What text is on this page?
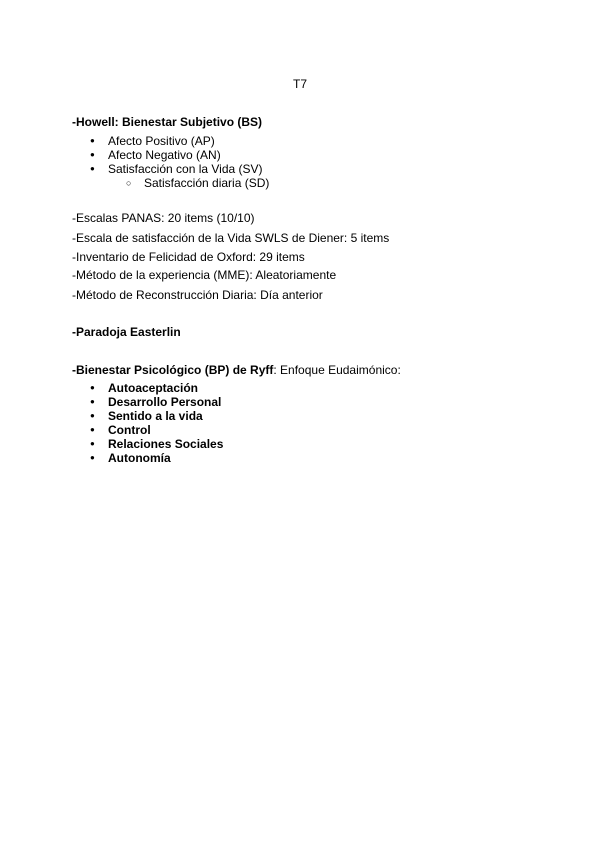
T7
-Howell: Bienestar Subjetivo (BS)
● Afecto Positivo (AP)
● Afecto Negativo (AN)
● Satisfacción con la Vida (SV)
○ Satisfacción diaria (SD)
-Escalas PANAS: 20 items (10/10)
-Escala de satisfacción de la Vida SWLS de Diener: 5 items
-Inventario de Felicidad de Oxford: 29 items
-Método de la experiencia (MME): Aleatoriamente
-Método de Reconstrucción Diaria: Día anterior
-Paradoja Easterlin
-Bienestar Psicológico (BP) de Ryff: Enfoque Eudaimónico:
● Autoaceptación
● Desarrollo Personal
● Sentido a la vida
● Control
● Relaciones Sociales
● Autonomía
